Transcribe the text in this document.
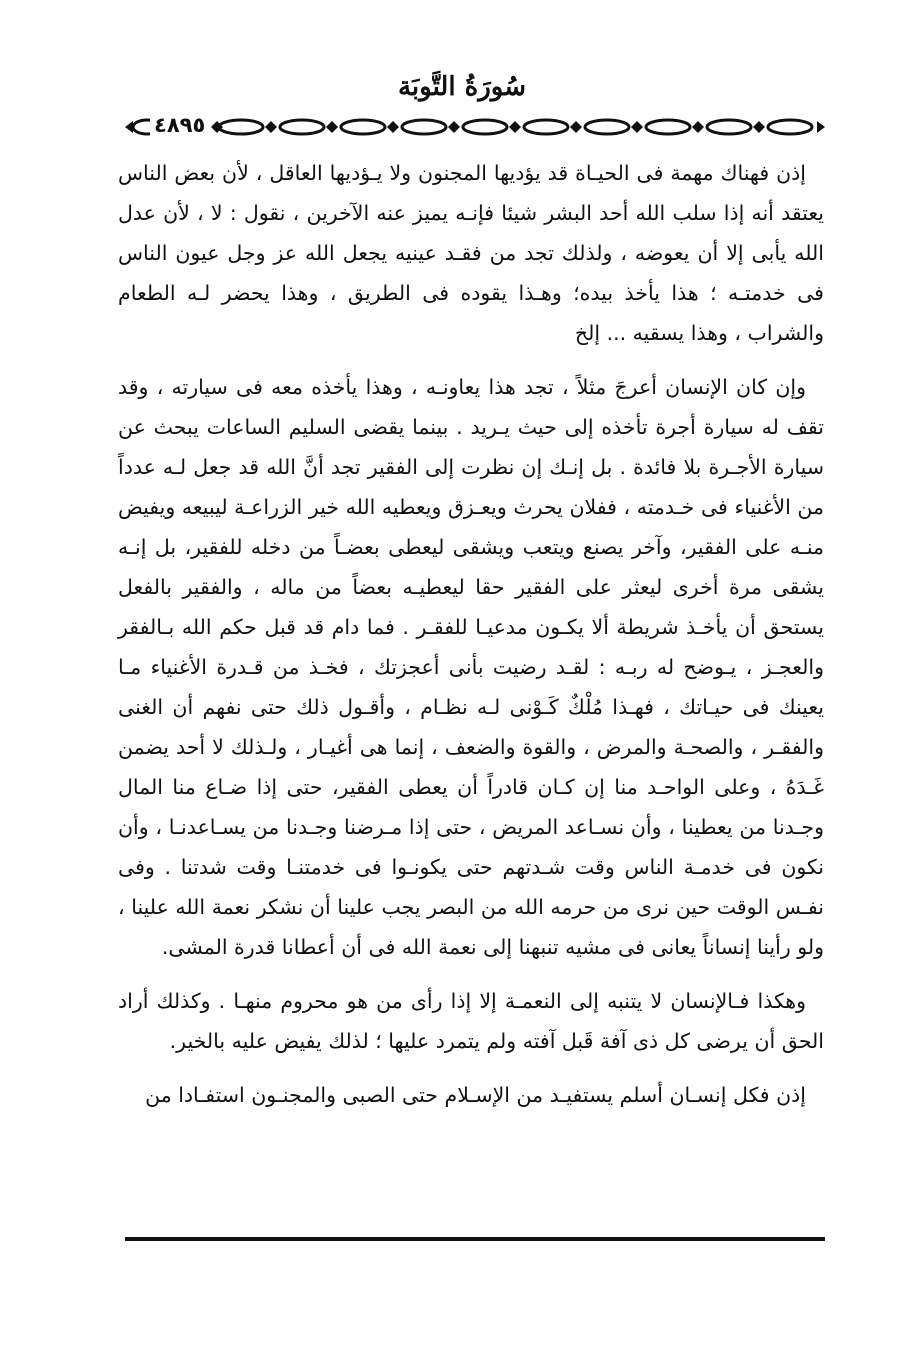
سُورَةُ التَّوبَة
٤٨٩٥

إذن فهناك مهمة فى الحيـاة قد يؤديها المجنون ولا يـؤديها العاقل ، لأن بعض الناس يعتقد أنه إذا سلب الله أحد البشر شيئا فإنـه يميز عنه الآخرين ، نقول : لا ، لأن عدل الله يأبى إلا أن يعوضه ، ولذلك تجد من فقـد عينيه يجعل الله عز وجل عيون الناس فى خدمتـه ؛ هذا يأخذ بيده؛ وهـذا يقوده فى الطريق ، وهذا يحضر لـه الطعام والشراب ، وهذا يسقيه ... إلخ

وإن كان الإنسان أعرجَ مثلاً ، تجد هذا يعاونـه ، وهذا يأخذه معه فى سيارته ، وقد تقف له سيارة أجرة تأخذه إلى حيث يـريد . بينما يقضى السليم الساعات يبحث عن سيارة الأجـرة بلا فائدة . بل إنـك إن نظرت إلى الفقير تجد أنَّ الله قد جعل لـه عدداً من الأغنياء فى خـدمته ، ففلان يحرث ويعـزق ويعطيه الله خير الزراعـة ليبيعه ويفيض منـه على الفقير، وآخر يصنع ويتعب ويشقى ليعطى بعضـاً من دخله للفقير، بل إنـه يشقى مرة أخرى ليعثر على الفقير حقا ليعطيـه بعضاً من ماله ، والفقير بالفعل يستحق أن يأخـذ شريطة ألا يكـون مدعيـا للفقـر . فما دام قد قبل حكم الله بـالفقر والعجـز ، يـوضح له ربـه : لقـد رضيت بأنى أعجزتك ، فخـذ من قـدرة الأغنياء مـا يعينك فى حيـاتك ، فهـذا مُلْكٌ كَـوْنى لـه نظـام ، وأقـول ذلك حتى نفهم أن الغنى والفقـر ، والصحـة والمرض ، والقوة والضعف ، إنما هى أغيـار ، ولـذلك لا أحد يضمن غَـدَهُ ، وعلى الواحـد منا إن كـان قادراً أن يعطى الفقير، حتى إذا ضـاع منا المال وجـدنا من يعطينا ، وأن نسـاعد المريض ، حتى إذا مـرضنا وجـدنا من يسـاعدنـا ، وأن نكون فى خدمـة الناس وقت شـدتهم حتى يكونـوا فى خدمتنـا وقت شدتنا . وفى نفـس الوقت حين نرى من حرمه الله من البصر يجب علينا أن نشكر نعمة الله علينا ، ولو رأينا إنساناً يعانى فى مشيه تنبهنا إلى نعمة الله فى أن أعطانا قدرة المشى.

وهكذا فـالإنسان لا يتنبه إلى النعمـة إلا إذا رأى من هو محروم منهـا . وكذلك أراد الحق أن يرضى كل ذى آفة قَبل آفته ولم يتمرد عليها ؛ لذلك يفيض عليه بالخير.

إذن فكل إنسـان أسلم يستفيـد من الإسـلام حتى الصبى والمجنـون استفـادا من
